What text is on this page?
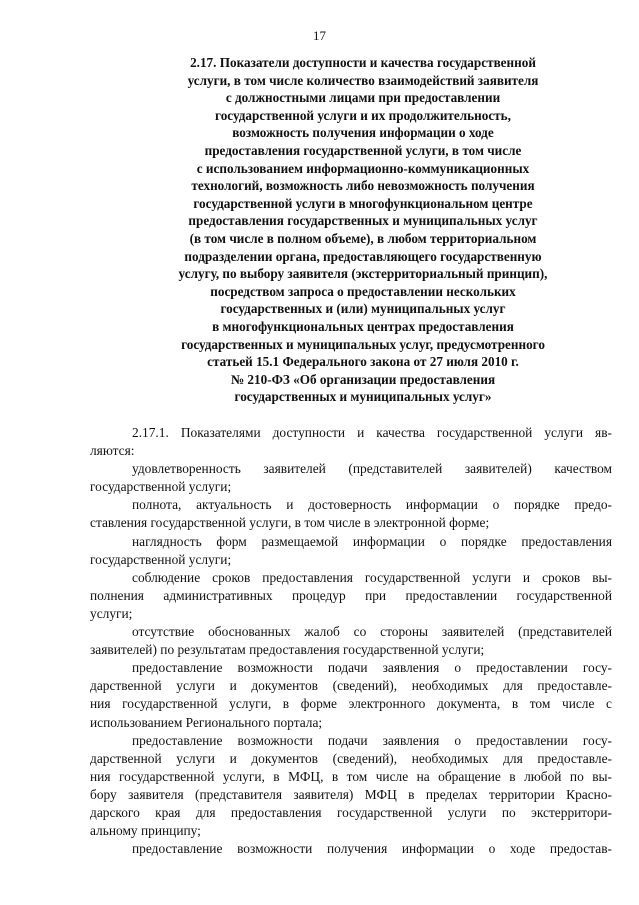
17
2.17. Показатели доступности и качества государственной
услуги, в том числе количество взаимодействий заявителя
с должностными лицами при предоставлении
государственной услуги и их продолжительность,
возможность получения информации о ходе
предоставления государственной услуги, в том числе
с использованием информационно-коммуникационных
технологий, возможность либо невозможность получения
государственной услуги в многофункциональном центре
предоставления государственных и муниципальных услуг
(в том числе в полном объеме), в любом территориальном
подразделении органа, предоставляющего государственную
услугу, по выбору заявителя (экстерриториальный принцип),
посредством запроса о предоставлении нескольких
государственных и (или) муниципальных услуг
в многофункциональных центрах предоставления
государственных и муниципальных услуг, предусмотренного
статьей 15.1 Федерального закона от 27 июля 2010 г.
№ 210-ФЗ «Об организации предоставления
государственных и муниципальных услуг»
2.17.1. Показателями доступности и качества государственной услуги яв-
ляются:
удовлетворенность заявителей (представителей заявителей) качеством
государственной услуги;
полнота, актуальность и достоверность информации о порядке предо-
ставления государственной услуги, в том числе в электронной форме;
наглядность форм размещаемой информации о порядке предоставления
государственной услуги;
соблюдение сроков предоставления государственной услуги и сроков вы-
полнения административных процедур при предоставлении государственной
услуги;
отсутствие обоснованных жалоб со стороны заявителей (представителей
заявителей) по результатам предоставления государственной услуги;
предоставление возможности подачи заявления о предоставлении госу-
дарственной услуги и документов (сведений), необходимых для предоставле-
ния государственной услуги, в форме электронного документа, в том числе с
использованием Регионального портала;
предоставление возможности подачи заявления о предоставлении госу-
дарственной услуги и документов (сведений), необходимых для предоставле-
ния государственной услуги, в МФЦ, в том числе на обращение в любой по вы-
бору заявителя (представителя заявителя) МФЦ в пределах территории Красно-
дарского края для предоставления государственной услуги по экстерритори-
альному принципу;
предоставление возможности получения информации о ходе предостав-
